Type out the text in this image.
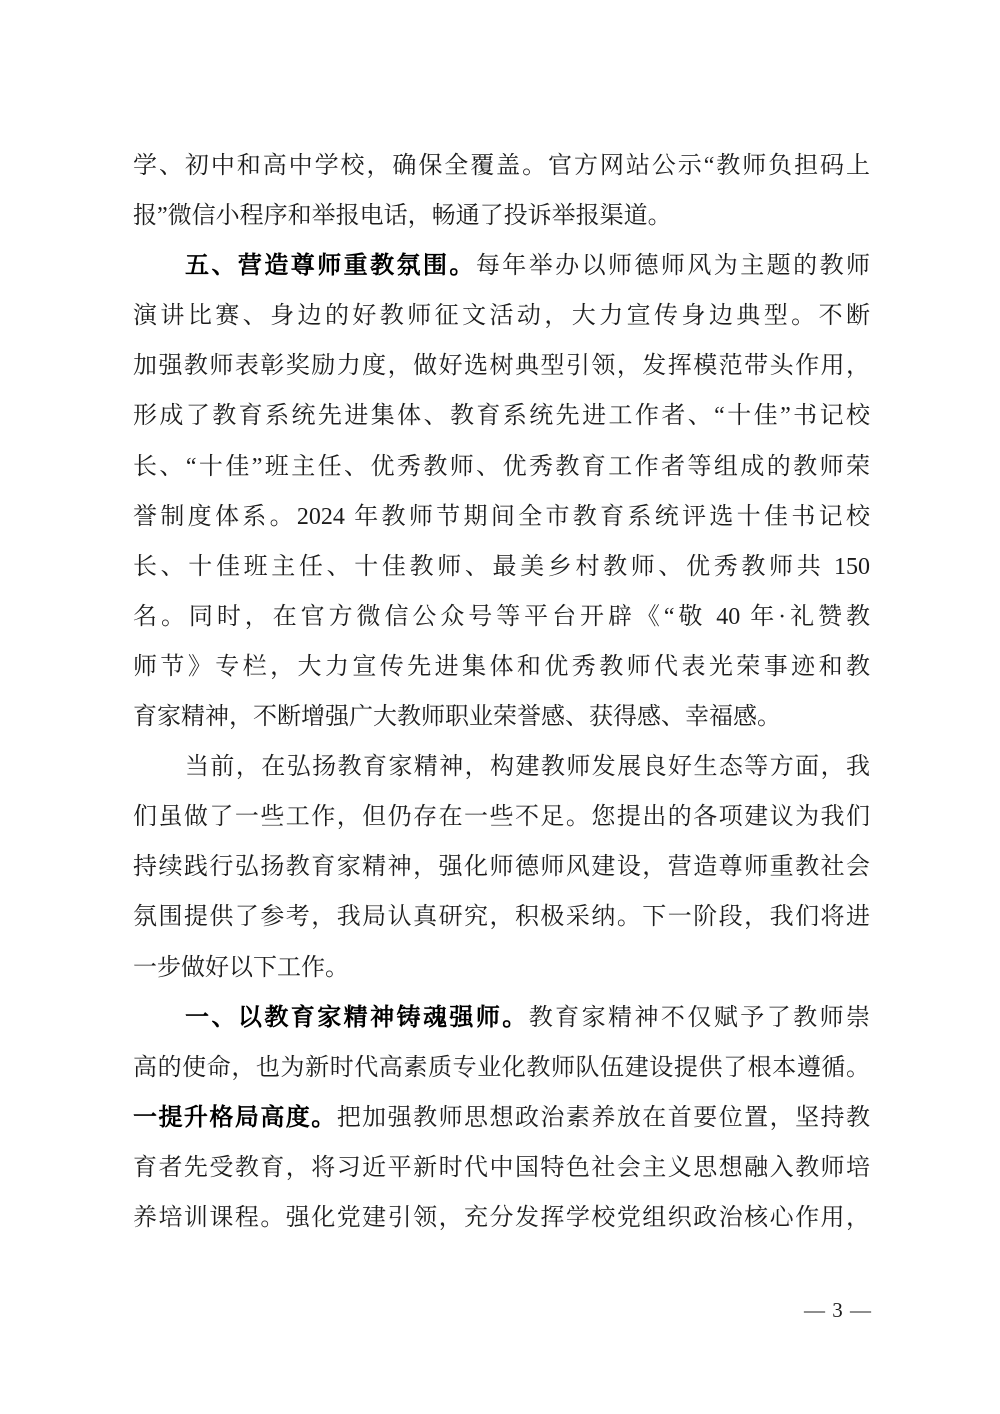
学、初中和高中学校，确保全覆盖。官方网站公示“教师负担码上
报”微信小程序和举报电话，畅通了投诉举报渠道。
五、营造尊师重教氛围。每年举办以师德师风为主题的教师
演讲比赛、身边的好教师征文活动，大力宣传身边典型。不断
加强教师表彰奖励力度，做好选树典型引领，发挥模范带头作用，
形成了教育系统先进集体、教育系统先进工作者、“十佳”书记校
长、“十佳”班主任、优秀教师、优秀教育工作者等组成的教师荣
誉制度体系。2024 年教师节期间全市教育系统评选十佳书记校
长、十佳班主任、十佳教师、最美乡村教师、优秀教师共 150
名。同时，在官方微信公众号等平台开辟《“敬 40 年·礼赞教
师节》专栏，大力宣传先进集体和优秀教师代表光荣事迹和教
育家精神，不断增强广大教师职业荣誉感、获得感、幸福感。
当前，在弘扬教育家精神，构建教师发展良好生态等方面，我
们虽做了一些工作，但仍存在一些不足。您提出的各项建议为我们
持续践行弘扬教育家精神，强化师德师风建设，营造尊师重教社会
氛围提供了参考，我局认真研究，积极采纳。下一阶段，我们将进
一步做好以下工作。
一、以教育家精神铸魂强师。教育家精神不仅赋予了教师崇
高的使命，也为新时代高素质专业化教师队伍建设提供了根本遵循。
一提升格局高度。把加强教师思想政治素养放在首要位置，坚持教
育者先受教育，将习近平新时代中国特色社会主义思想融入教师培
养培训课程。强化党建引领，充分发挥学校党组织政治核心作用，
— 3 —
